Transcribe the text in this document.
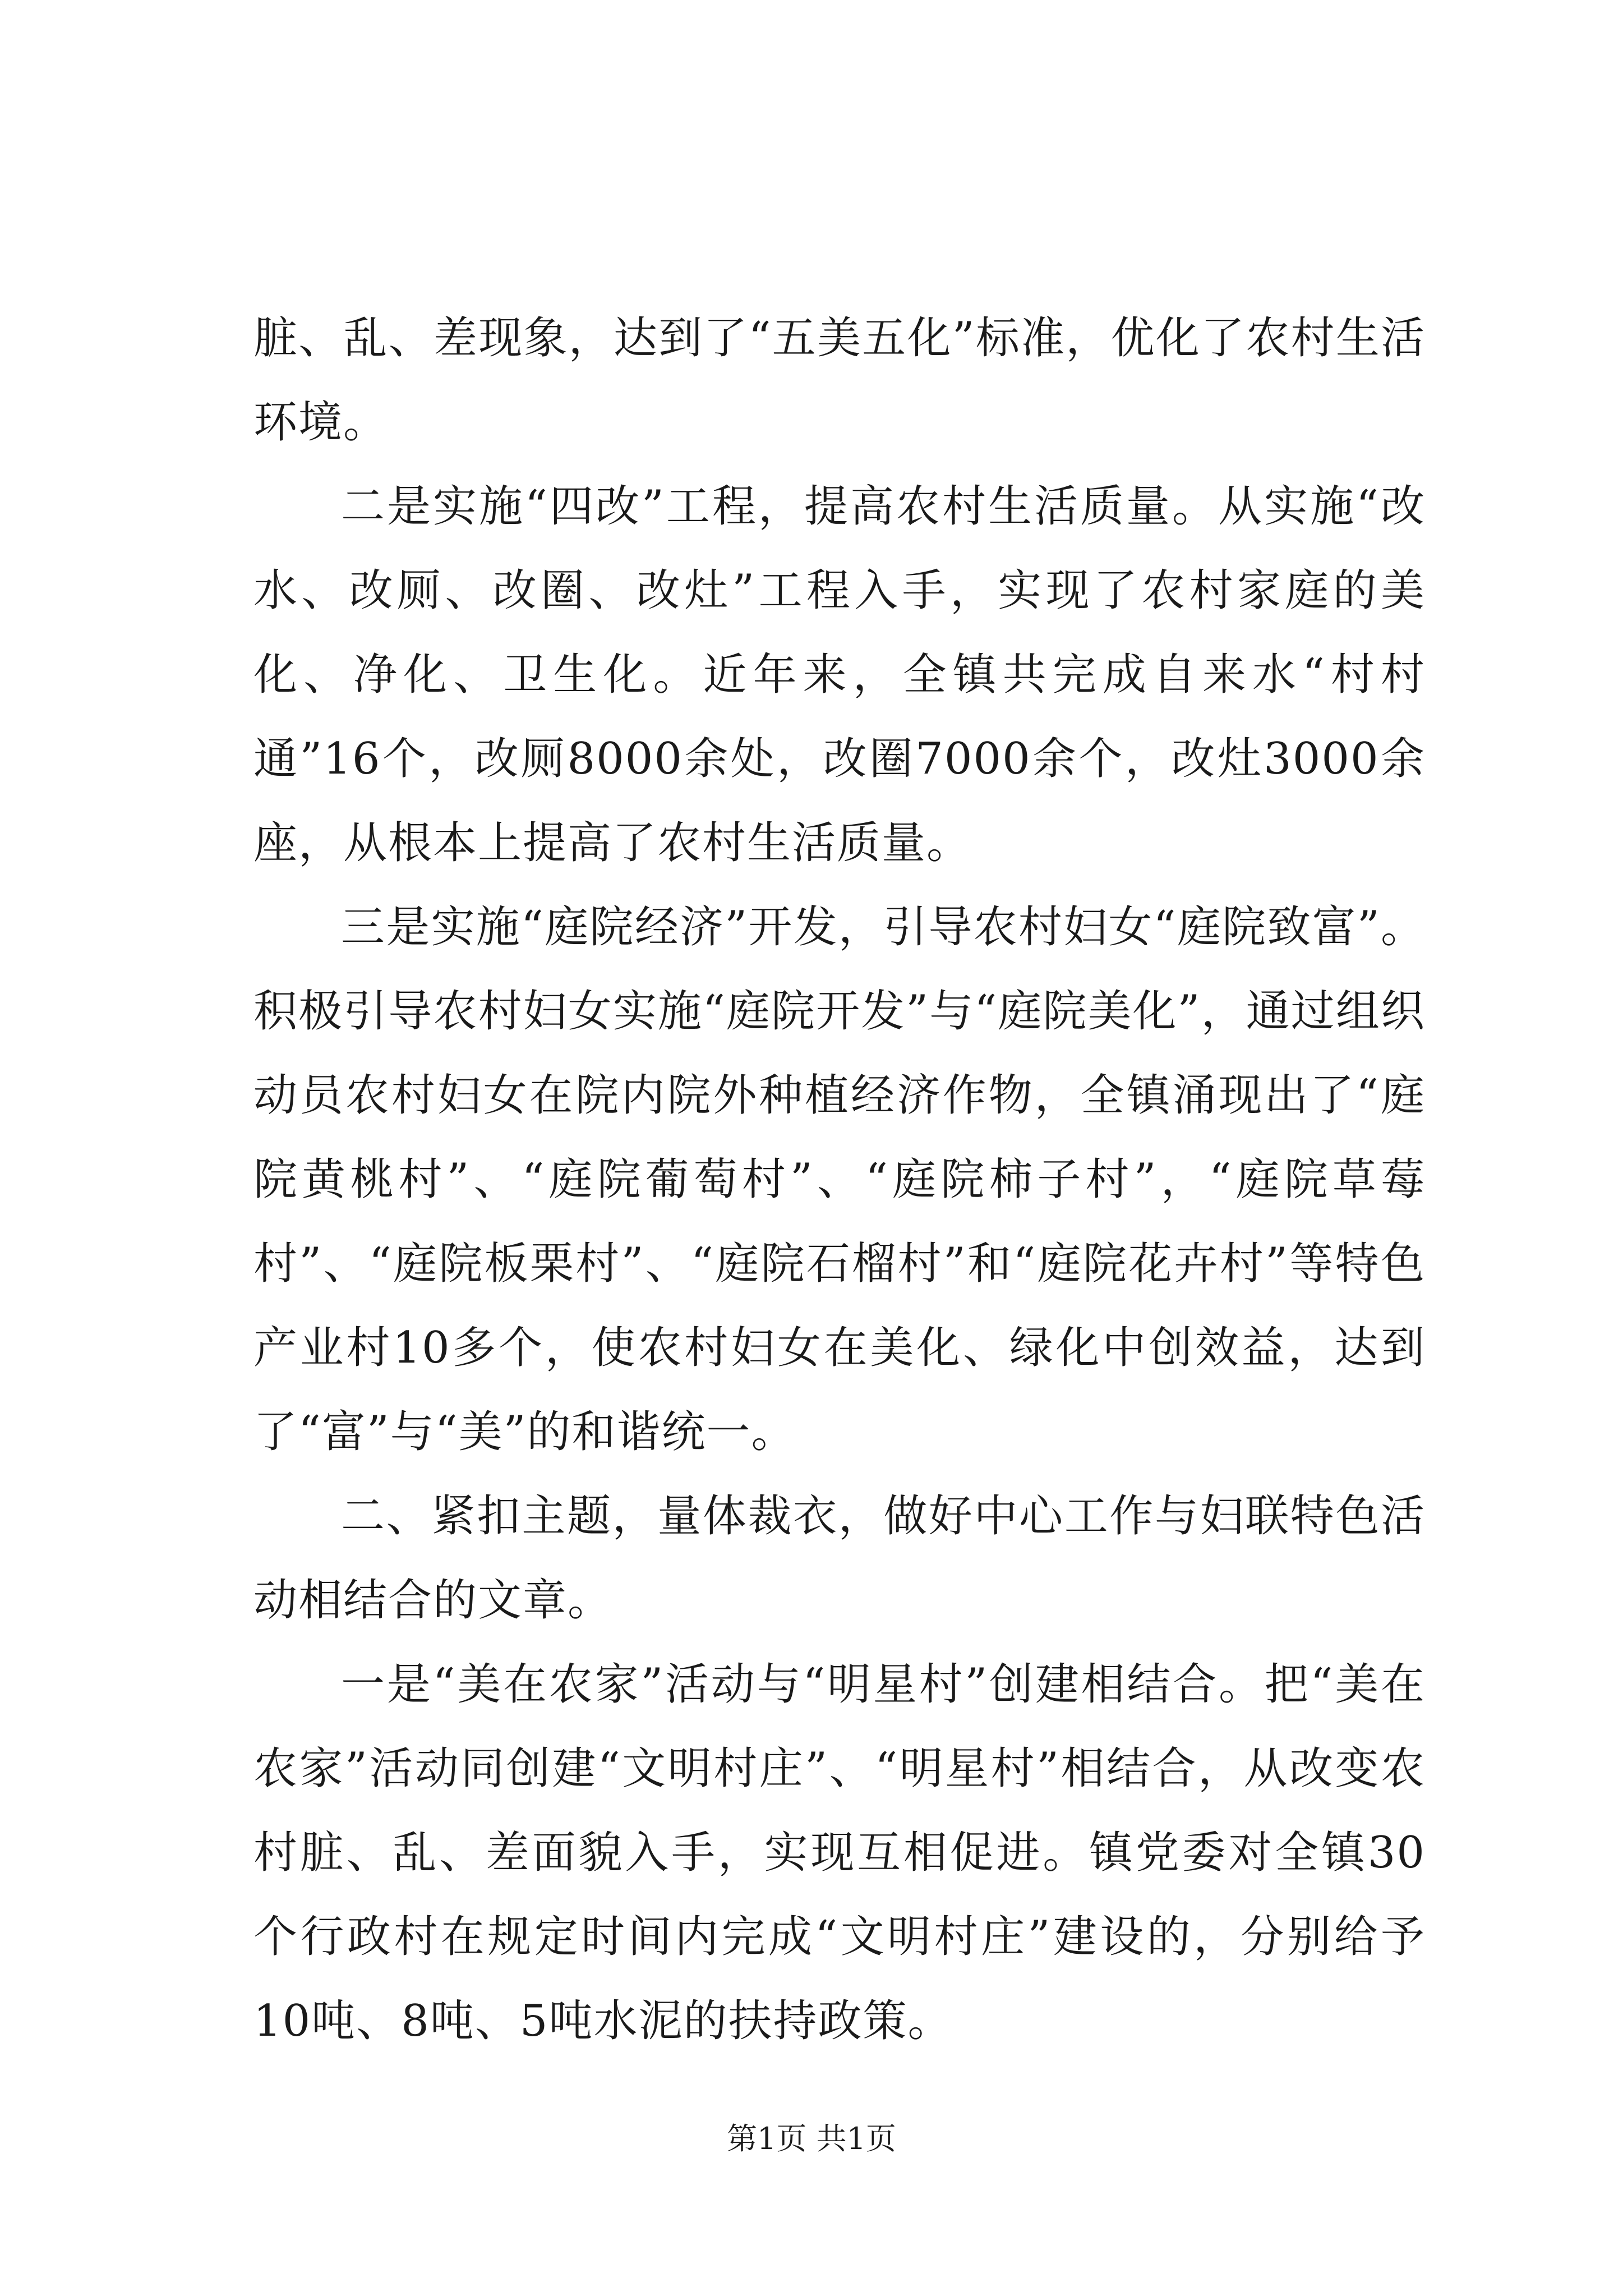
脏、乱、差现象，达到了“五美五化”标准，优化了农村生活环境。

二是实施“四改”工程，提高农村生活质量。从实施“改水、改厕、改圈、改灶”工程入手，实现了农村家庭的美化、净化、卫生化。近年来，全镇共完成自来水“村村通”16个，改厕8000余处，改圈7000余个，改灶3000余座，从根本上提高了农村生活质量。

三是实施“庭院经济”开发，引导农村妇女“庭院致富”。积极引导农村妇女实施“庭院开发”与“庭院美化”，通过组织动员农村妇女在院内院外种植经济作物，全镇涌现出了“庭院黄桃村”、“庭院葡萄村”、“庭院柿子村”，“庭院草莓村”、“庭院板栗村”、“庭院石榴村”和“庭院花卉村”等特色产业村10多个，使农村妇女在美化、绿化中创效益，达到了“富”与“美”的和谐统一。

二、紧扣主题，量体裁衣，做好中心工作与妇联特色活动相结合的文章。

一是“美在农家”活动与“明星村”创建相结合。把“美在农家”活动同创建“文明村庄”、“明星村”相结合，从改变农村脏、乱、差面貌入手，实现互相促进。镇党委对全镇30个行政村在规定时间内完成“文明村庄”建设的，分别给予10吨、8吨、5吨水泥的扶持政策。

第1页 共1页
